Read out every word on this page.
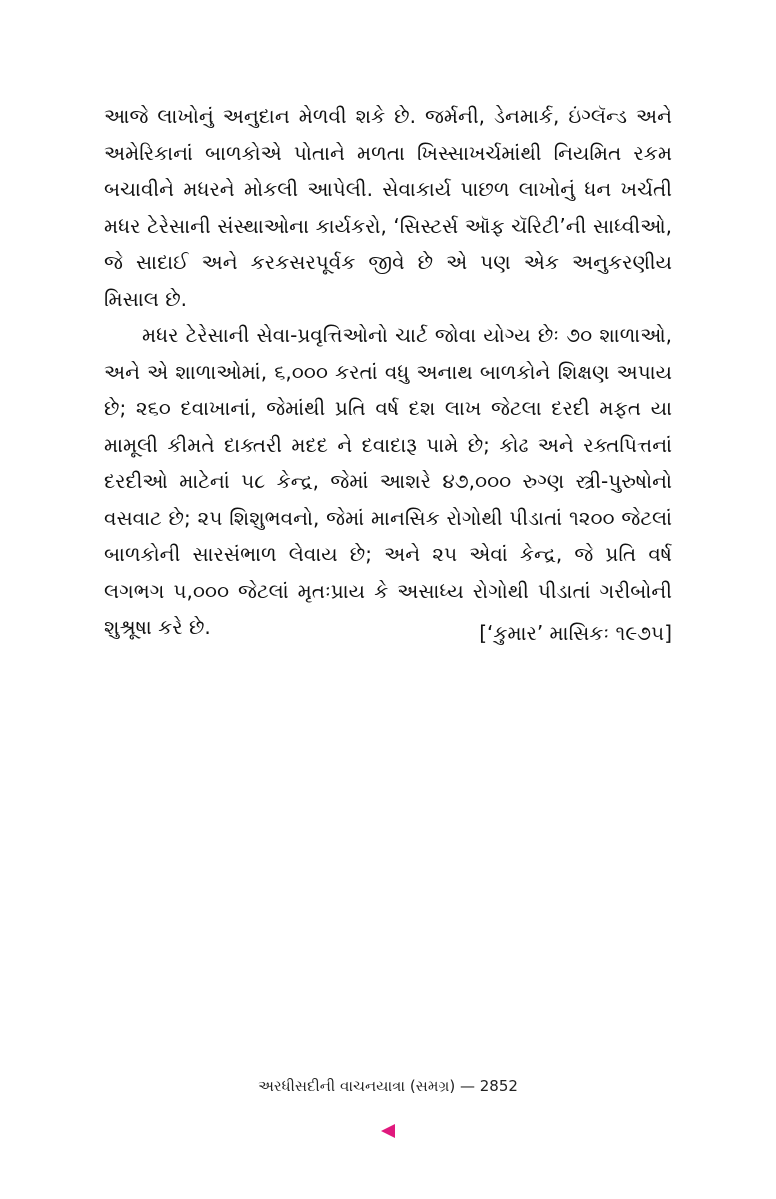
આજે લાખોનું અનુદાન મેળવી શકે છે. જર્મની, ડેનમાર્ક, ઇંગ્લૅન્ડ અને અમેરિકાનાં બાળકોએ પોતાને મળતા ખિસ્સાખર્ચમાંથી નિયમિત રકમ બચાવીને મધરને મોકલી આપેલી. સેવાકાર્ય પાછળ લાખોનું ધન ખર્ચતી મધર ટેરેસાની સંસ્થાઓના કાર્યકરો, ‘સિસ્ટર્સ ઑફ ચૅરિટી’ની સાધ્વીઓ, જે સાદાઈ અને કરકસરપૂર્વક જીવે છે એ પણ એક અનુકરણીય મિસાલ છે.

મધર ટેરેસાની સેવા-પ્રવૃત્તિઓનો ચાર્ટ જોવા યોગ્ય છેઃ ૭૦ શાળાઓ, અને એ શાળાઓમાં, ૬,૦૦૦ કરતાં વધુ અનાથ બાળકોને શિક્ષણ અપાય છે; ૨૬૦ દવાખાનાં, જેમાંથી પ્રતિ વર્ષ દશ લાખ જેટલા દરદી મફત યા મામૂલી કીમતે દાક્તરી મદદ ને દવાદારૂ પામે છે; કોઢ અને રક્તપિત્તનાં દરદીઓ માટેનાં ૫૮ કેન્દ્ર, જેમાં આશરે ૪૭,૦૦૦ રુગ્ણ સ્ત્રી-પુરુષોનો વસવાટ છે; ૨૫ શિશુભવનો, જેમાં માનસિક રોગોથી પીડાતાં ૧૨૦૦ જેટલાં બાળકોની સારસંભાળ લેવાય છે; અને ૨૫ એવાં કેન્દ્ર, જે પ્રતિ વર્ષ લગભગ ૫,૦૦૦ જેટલાં મૃતઃપ્રાય કે અસાધ્ય રોગોથી પીડાતાં ગરીબોની શુશ્રૂષા કરે છે.	[‘કુમાર’ માસિકઃ ૧૯૭૫]
અરધીસદીની વાચનયાત્રા (સમગ્ર) — 2852
